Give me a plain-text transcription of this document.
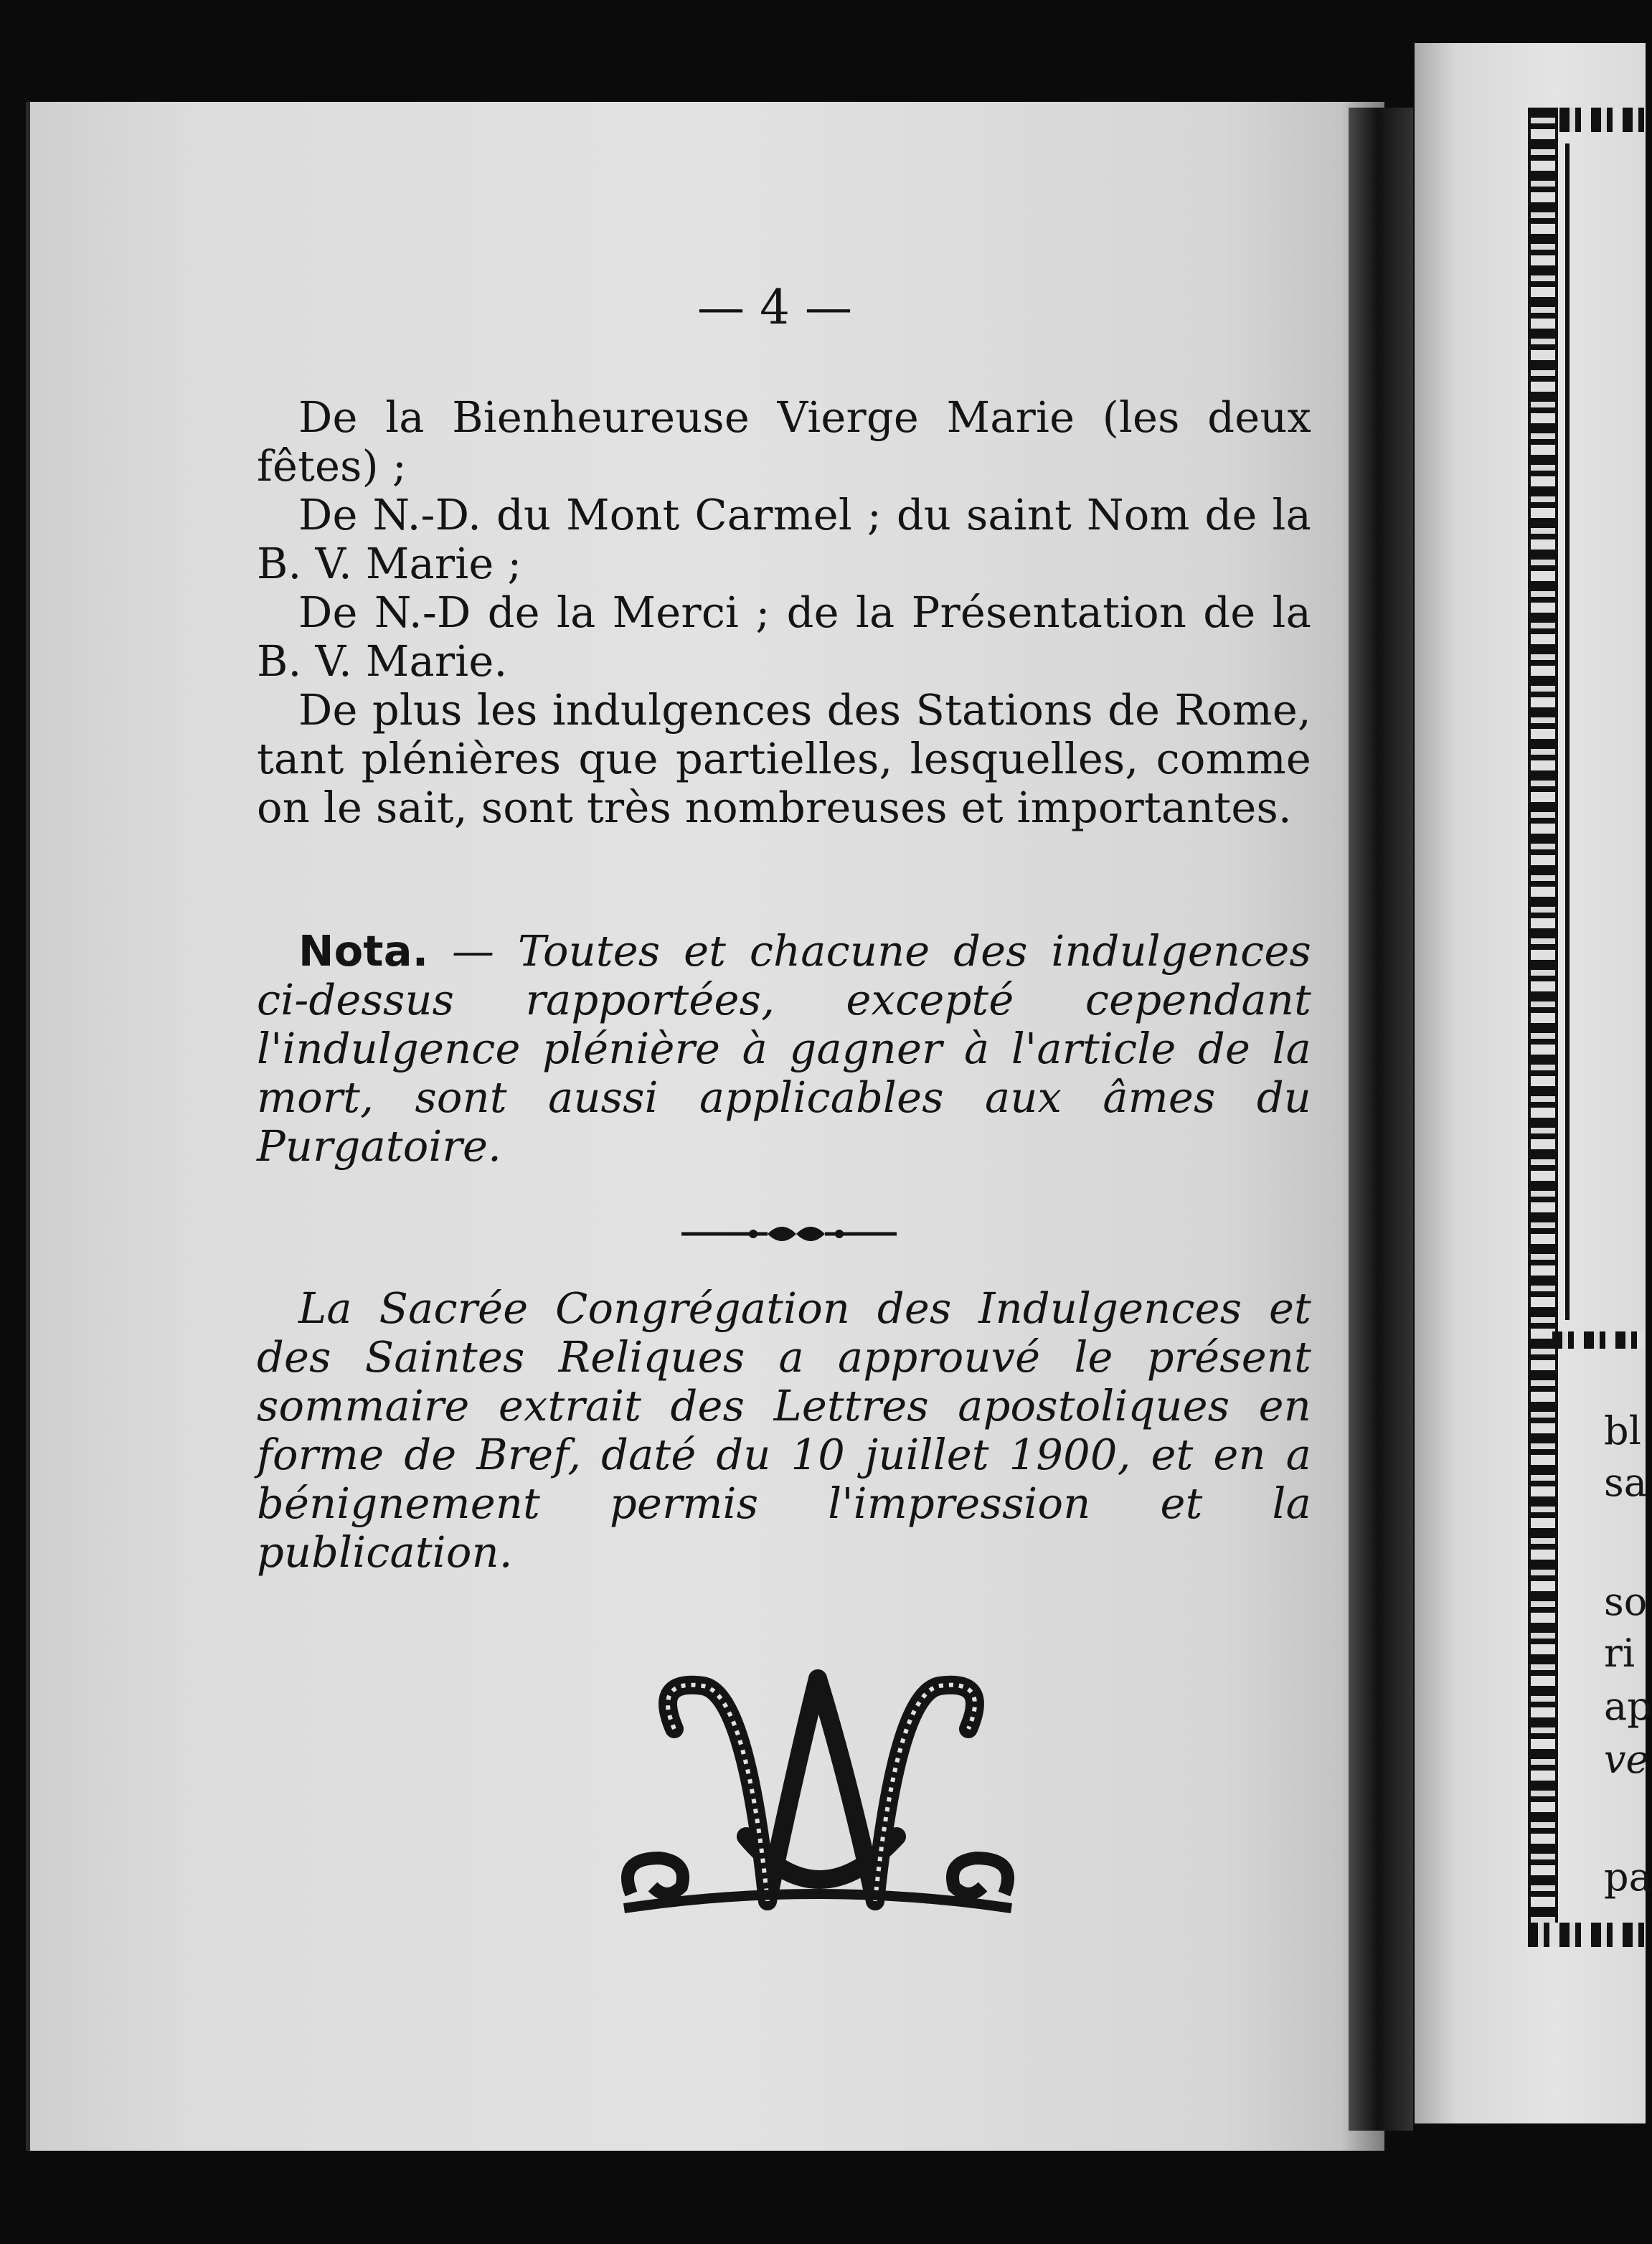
bl
sa
so
ri
ap
ve
pa
— 4 —

De la Bienheureuse Vierge Marie (les deux fêtes) ;

De N.-D. du Mont Carmel ; du saint Nom de la B. V. Marie ;

De N.-D de la Merci ; de la Présentation de la B. V. Marie.

De plus les indulgences des Stations de Rome, tant plénières que partielles, lesquelles, comme on le sait, sont très nombreuses et importantes.

Nota. — Toutes et chacune des indulgences ci-dessus rapportées, excepté cependant l'indulgence plénière à gagner à l'article de la mort, sont aussi applicables aux âmes du Purgatoire.

La Sacrée Congrégation des Indulgences et des Saintes Reliques a approuvé le présent sommaire extrait des Lettres apostoliques en forme de Bref, daté du 10 juillet 1900, et en a bénignement permis l'impression et la publication.
